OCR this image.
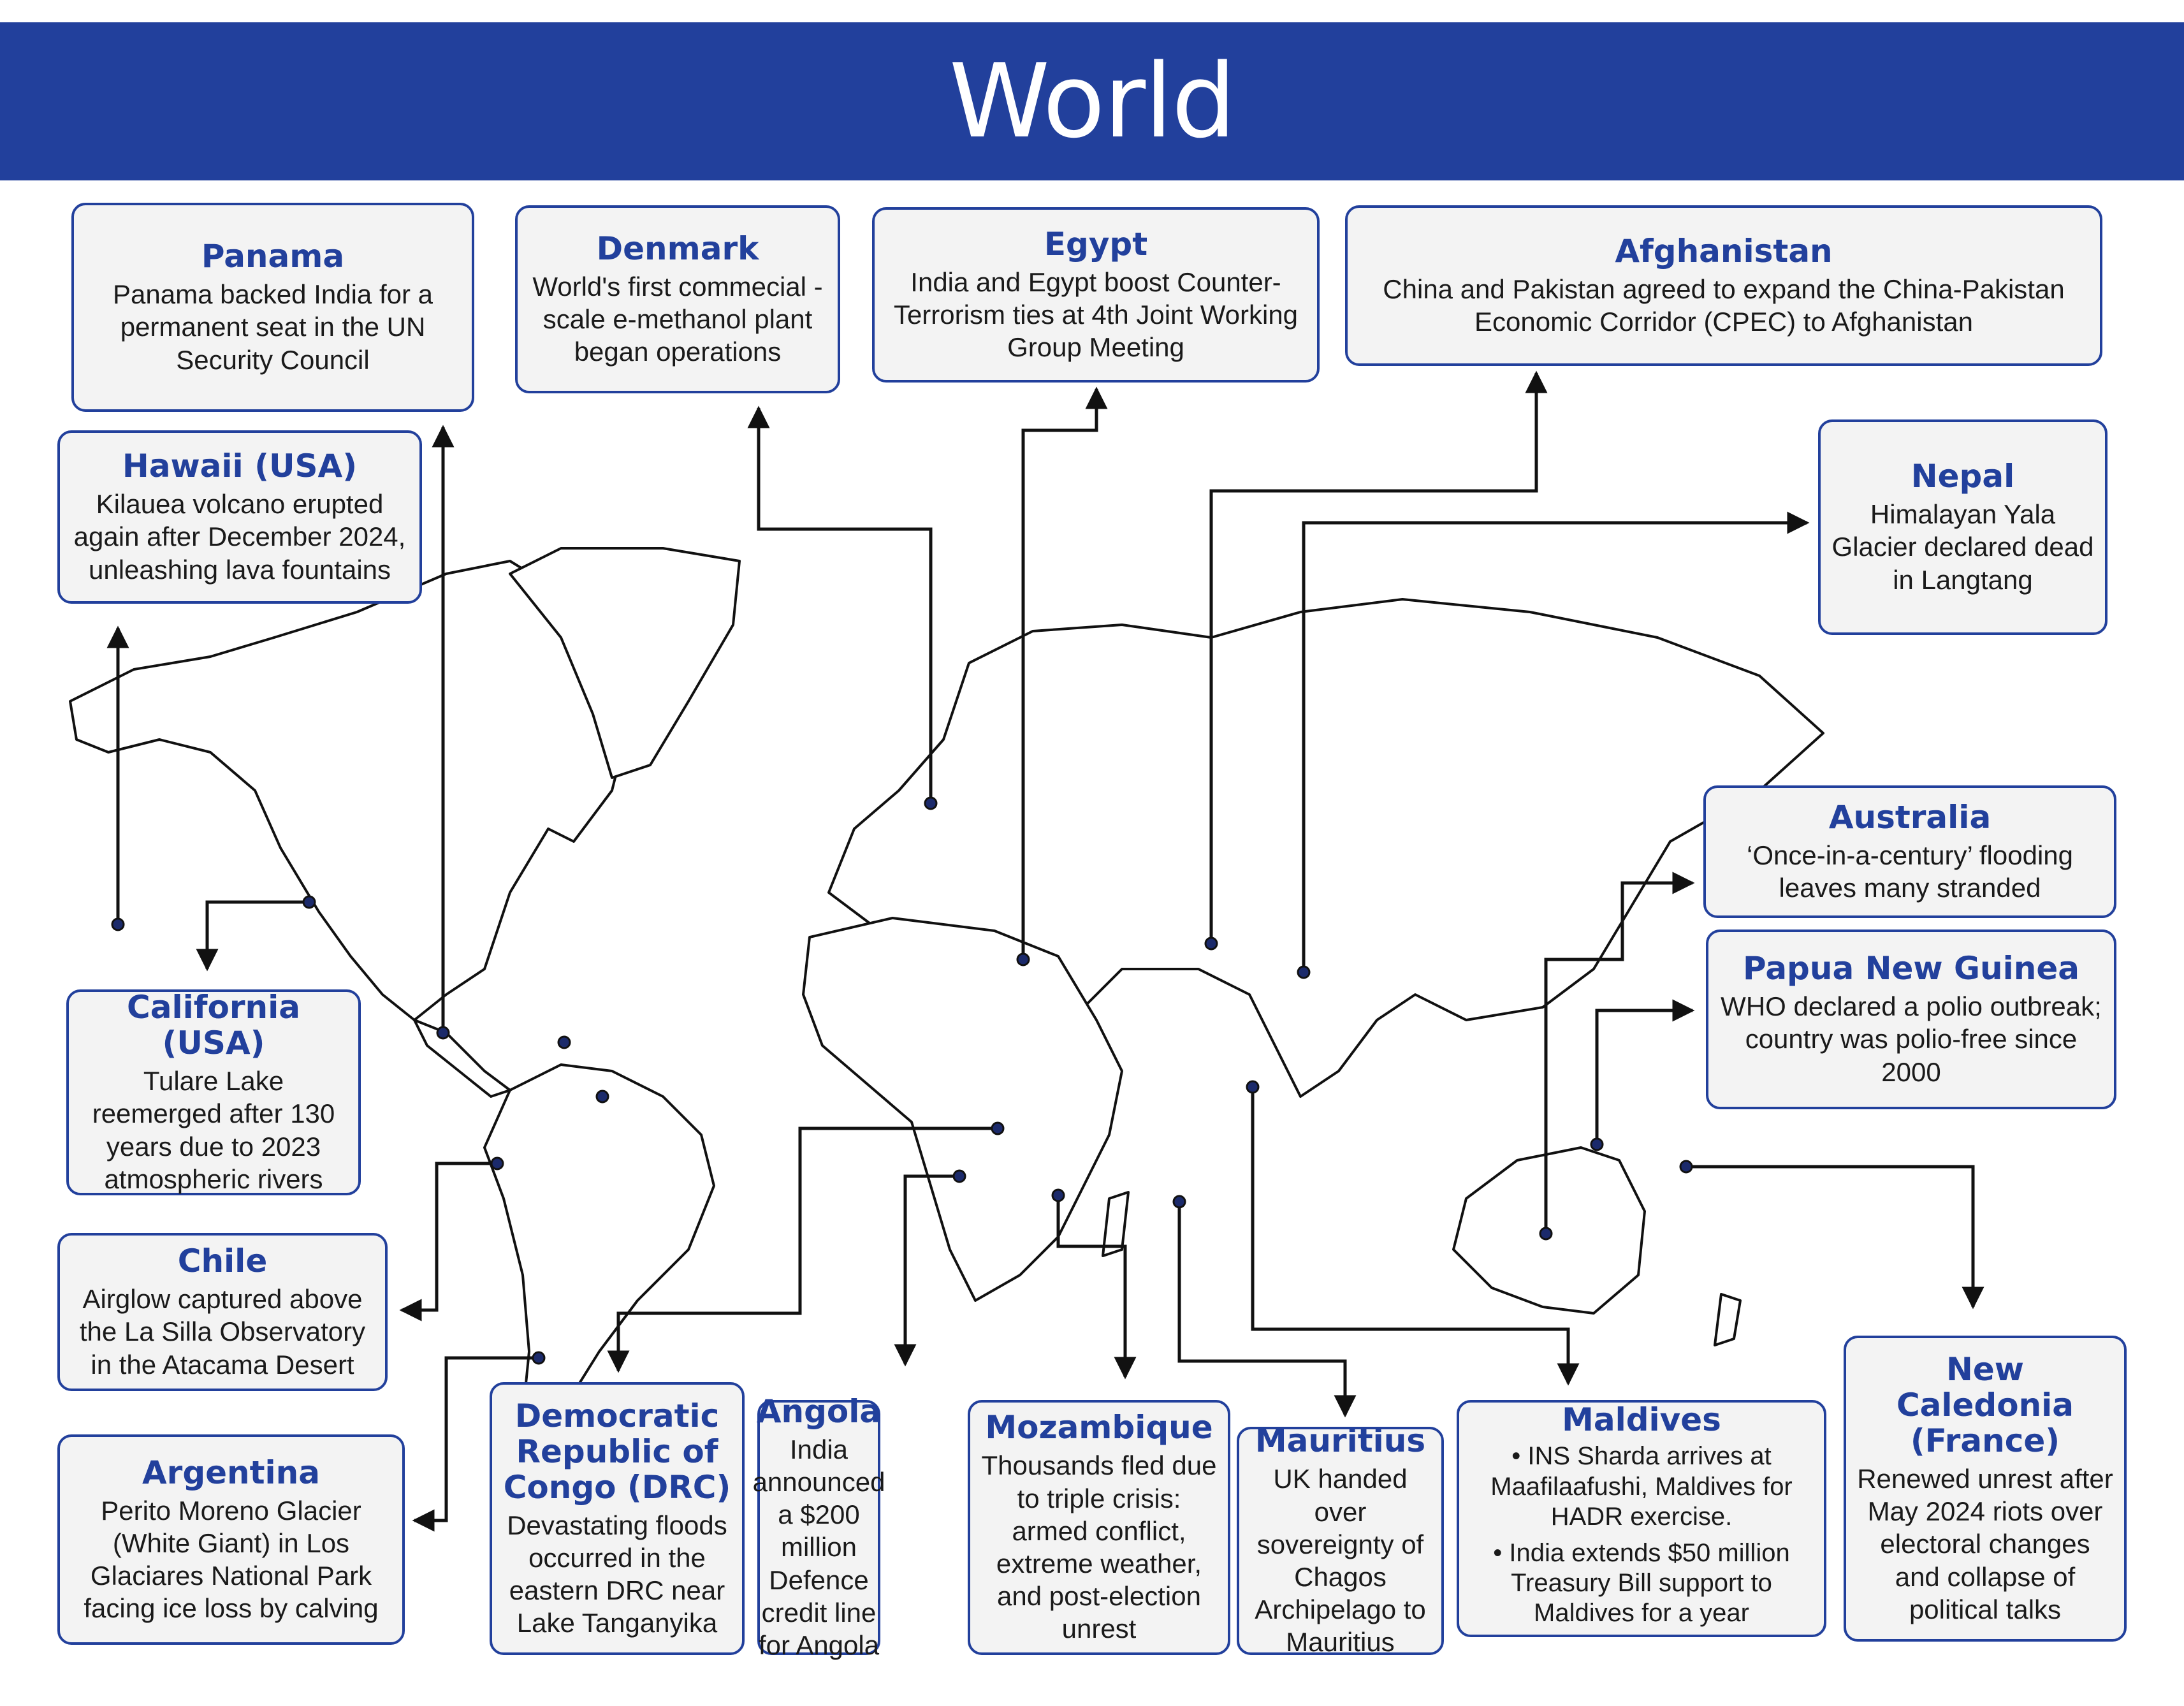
World
Panama

Panama backed India for a permanent seat in the UN Security Council

Denmark

World's first commecial -scale e-methanol plant began operations

Egypt

India and Egypt boost Counter-Terrorism ties at 4th Joint Working Group Meeting

Afghanistan

China and Pakistan agreed to expand the China-Pakistan Economic Corridor (CPEC) to Afghanistan

Hawaii (USA)

Kilauea volcano erupted again after December 2024, unleashing lava fountains

Nepal

Himalayan Yala Glacier declared dead in Langtang

Australia

‘Once-in-a-century’ flooding leaves many stranded

Papua New Guinea

WHO declared a polio outbreak; country was polio-free since 2000

California (USA)

Tulare Lake reemerged after 130 years due to 2023 atmospheric rivers

Chile

Airglow captured above the La Silla Observatory in the Atacama Desert

Argentina

Perito Moreno Glacier (White Giant) in Los Glaciares National Park facing ice loss by calving

Democratic Republic of Congo (DRC)

Devastating floods occurred in the eastern DRC near Lake Tanganyika

Angola

India announced a $200 million Defence credit line for Angola

Mozambique

Thousands fled due to triple crisis: armed conflict, extreme weather, and post-election unrest

Mauritius

UK handed over sovereignty of Chagos Archipelago to Mauritius

Maldives
• INS Sharda arrives at Maafilaafushi, Maldives for HADR exercise.
• India extends $50 million Treasury Bill support to Maldives for a year
New Caledonia (France)

Renewed unrest after May 2024 riots over electoral changes and collapse of political talks
